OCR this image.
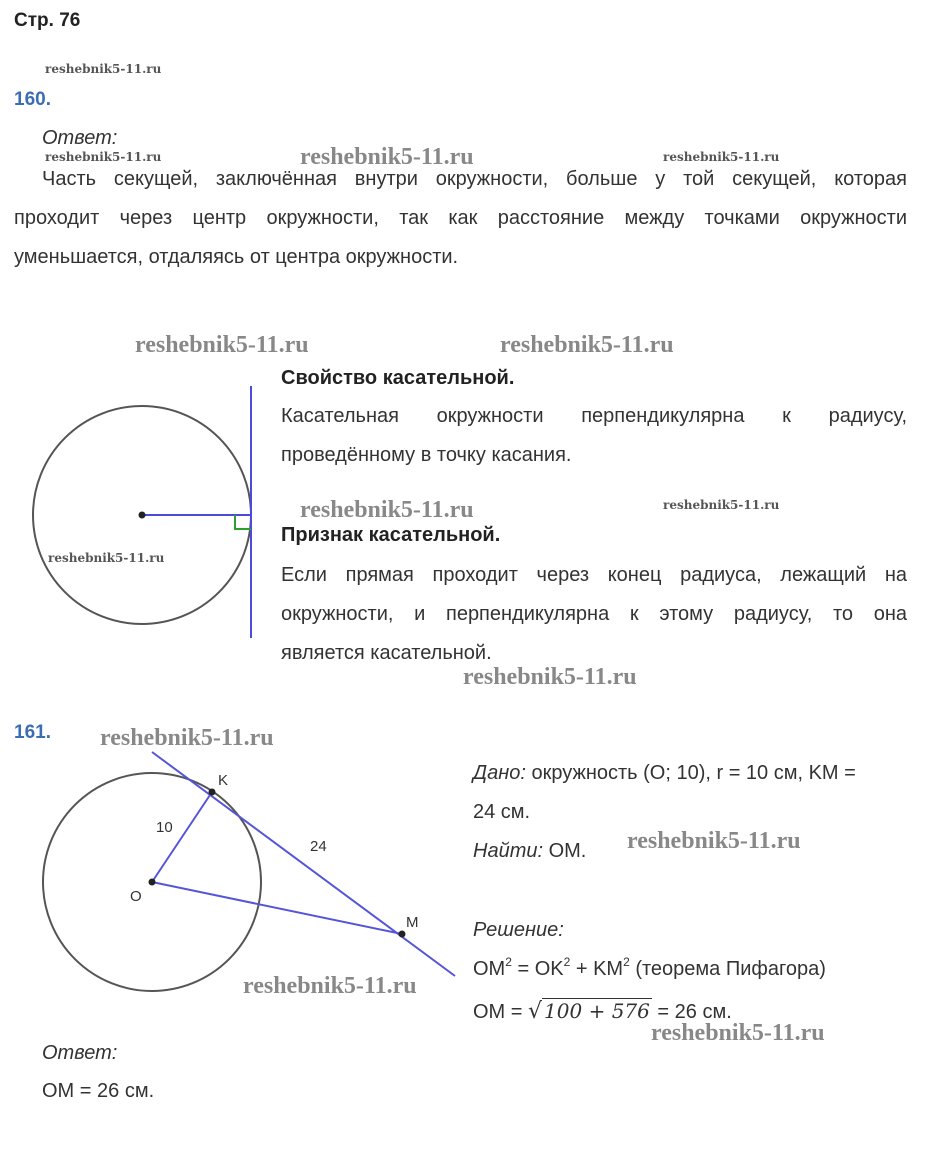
Стр. 76
reshebnik5-11.ru
reshebnik5-11.ru	reshebnik5-11.ru	reshebnik5-11.ru
reshebnik5-11.ru	reshebnik5-11.ru
reshebnik5-11.ru	reshebnik5-11.ru
reshebnik5-11.ru
reshebnik5-11.ru
reshebnik5-11.ru
reshebnik5-11.ru
reshebnik5-11.ru
reshebnik5-11.ru
160.
Ответ:
Часть секущей, заключённая внутри окружности, больше у той секущей, которая
проходит через центр окружности, так как расстояние между точками окружности
уменьшается, отдаляясь от центра окружности.
Свойство касательной.
Касательная окружности перпендикулярна к радиусу,
проведённому в точку касания.
Признак касательной.
Если прямая проходит через конец радиуса, лежащий на
окружности, и перпендикулярна к этому радиусу, то она
является касательной.
161.
K
O
M
10
24
Дано: окружность (О; 10), r = 10 см, KM =
24 см.
Найти: OM.
Решение:
$OM^2 = OK^2 + KM^2$ (теорема Пифагора)
OM = √ 100 + 576 = 26 см.
Ответ:
OM = 26 см.
